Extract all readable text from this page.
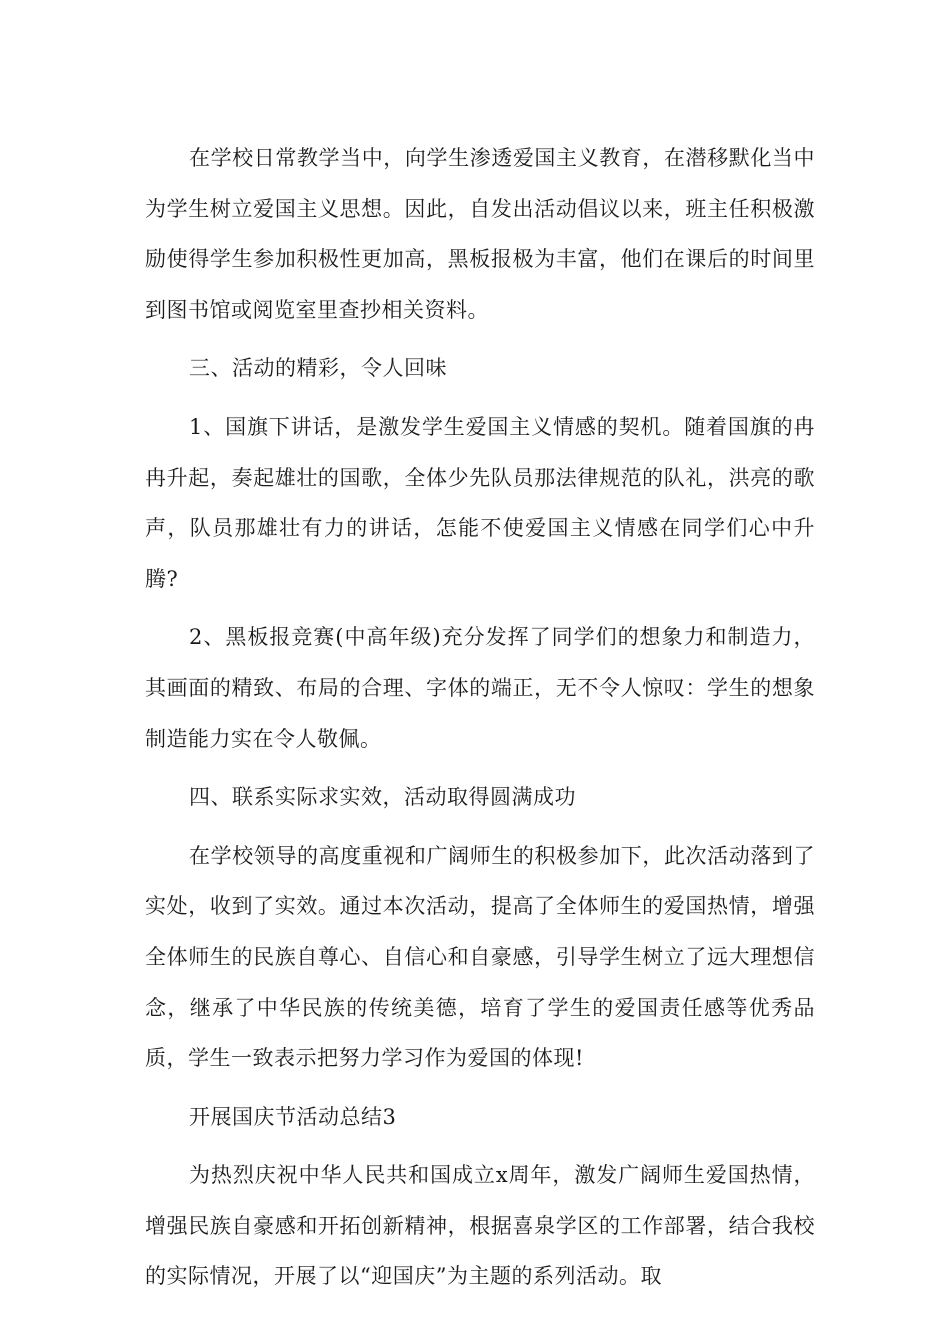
在学校日常教学当中，向学生渗透爱国主义教育，在潜移默化当中为学生树立爱国主义思想。因此，自发出活动倡议以来，班主任积极激励使得学生参加积极性更加高，黑板报极为丰富，他们在课后的时间里到图书馆或阅览室里查抄相关资料。

三、活动的精彩，令人回味

1、国旗下讲话，是激发学生爱国主义情感的契机。随着国旗的冉冉升起，奏起雄壮的国歌，全体少先队员那法律规范的队礼，洪亮的歌声，队员那雄壮有力的讲话，怎能不使爱国主义情感在同学们心中升腾?

2、黑板报竞赛(中高年级)充分发挥了同学们的想象力和制造力，其画面的精致、布局的合理、字体的端正，无不令人惊叹：学生的想象制造能力实在令人敬佩。

四、联系实际求实效，活动取得圆满成功

在学校领导的高度重视和广阔师生的积极参加下，此次活动落到了实处，收到了实效。通过本次活动，提高了全体师生的爱国热情，增强全体师生的民族自尊心、自信心和自豪感，引导学生树立了远大理想信念，继承了中华民族的传统美德，培育了学生的爱国责任感等优秀品质，学生一致表示把努力学习作为爱国的体现!

开展国庆节活动总结3

为热烈庆祝中华人民共和国成立x周年，激发广阔师生爱国热情，增强民族自豪感和开拓创新精神，根据喜泉学区的工作部署，结合我校的实际情况，开展了以“迎国庆”为主题的系列活动。取
